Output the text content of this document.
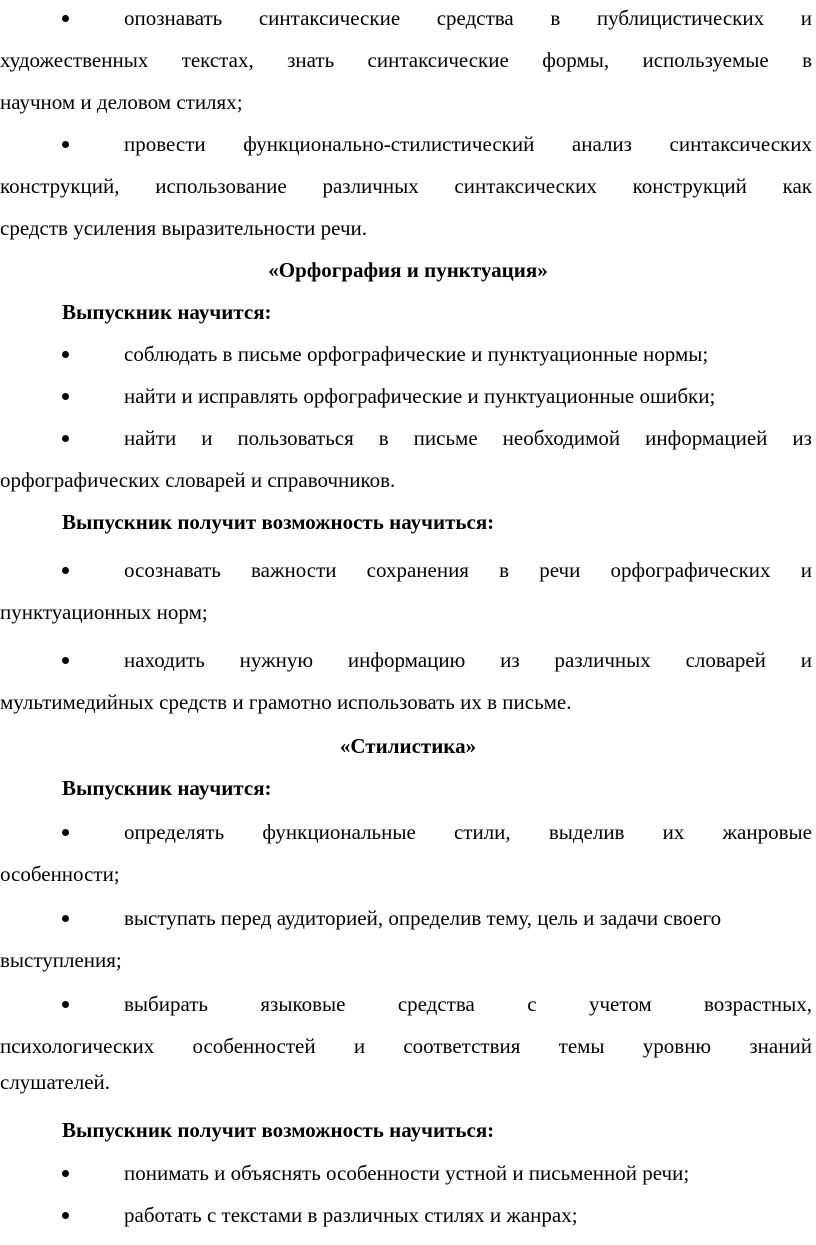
опознавать синтаксические средства в публицистических и
художественных текстах, знать синтаксические формы, используемые в
научном и деловом стилях;
провести функционально-стилистический анализ синтаксических
конструкций, использование различных синтаксических конструкций как
средств усиления выразительности речи.
«Орфография и пунктуация»
Выпускник научится:
соблюдать в письме орфографические и пунктуационные нормы;
найти и исправлять орфографические и пунктуационные ошибки;
найти и пользоваться в письме необходимой информацией из
орфографических словарей и справочников.
Выпускник получит возможность научиться:
осознавать важности сохранения в речи орфографических и
пунктуационных норм;
находить нужную информацию из различных словарей и
мультимедийных средств и грамотно использовать их в письме.
«Стилистика»
Выпускник научится:
определять функциональные стили, выделив их жанровые
особенности;
выступать перед аудиторией, определив тему, цель и задачи своего
выступления;
выбирать языковые средства с учетом возрастных,
психологических особенностей и соответствия темы уровню знаний
слушателей.
Выпускник получит возможность научиться:
понимать и объяснять особенности устной и письменной речи;
работать с текстами в различных стилях и жанрах;
